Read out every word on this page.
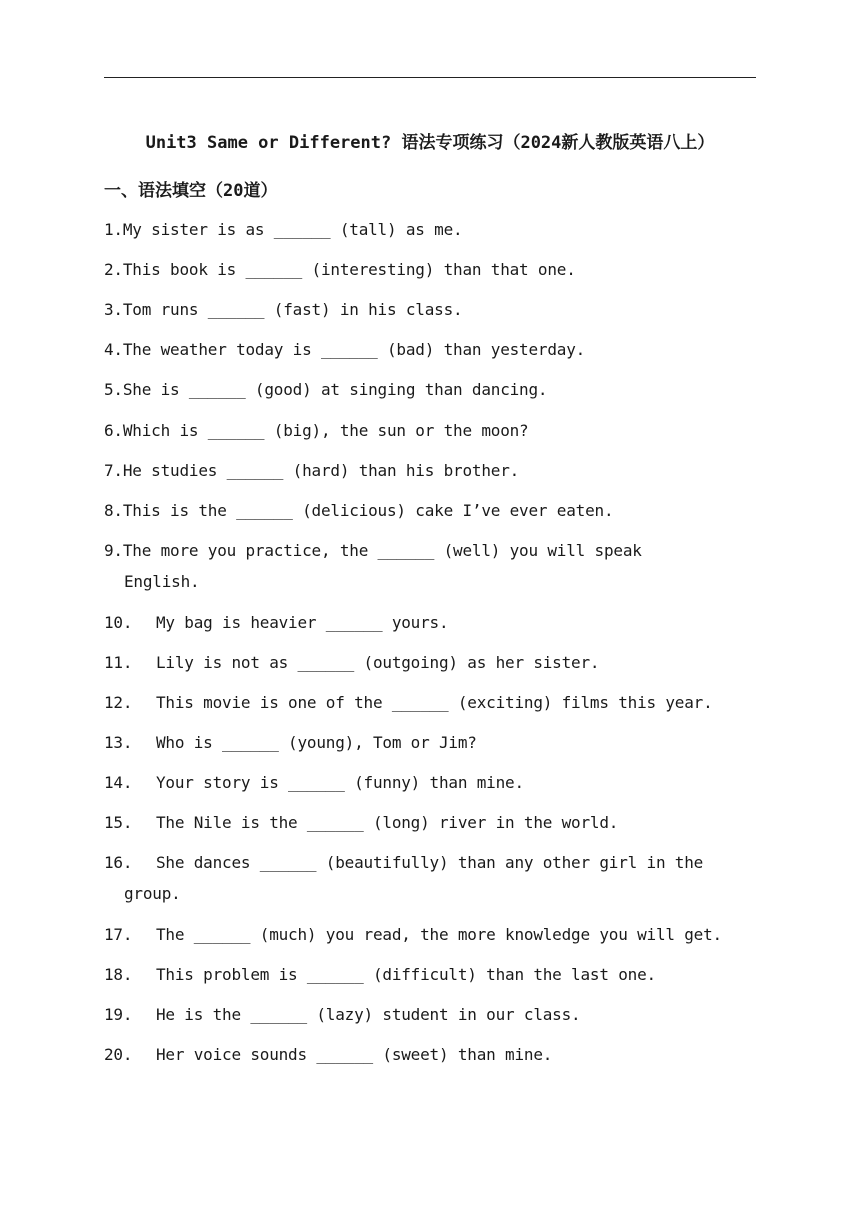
Unit3 Same or Different? 语法专项练习（2024新人教版英语八上）
一、语法填空（20道）
1.My sister is as ______ (tall) as me.
2.This book is ______ (interesting) than that one.
3.Tom runs ______ (fast) in his class.
4.The weather today is ______ (bad) than yesterday.
5.She is ______ (good) at singing than dancing.
6.Which is ______ (big), the sun or the moon?
7.He studies ______ (hard) than his brother.
8.This is the ______ (delicious) cake I’ve ever eaten.
9.The more you practice, the ______ (well) you will speak
English.
10. My bag is heavier ______ yours.
11. Lily is not as ______ (outgoing) as her sister.
12. This movie is one of the ______ (exciting) films this year.
13. Who is ______ (young), Tom or Jim?
14. Your story is ______ (funny) than mine.
15. The Nile is the ______ (long) river in the world.
16. She dances ______ (beautifully) than any other girl in the
group.
17. The ______ (much) you read, the more knowledge you will get.
18. This problem is ______ (difficult) than the last one.
19. He is the ______ (lazy) student in our class.
20. Her voice sounds ______ (sweet) than mine.
